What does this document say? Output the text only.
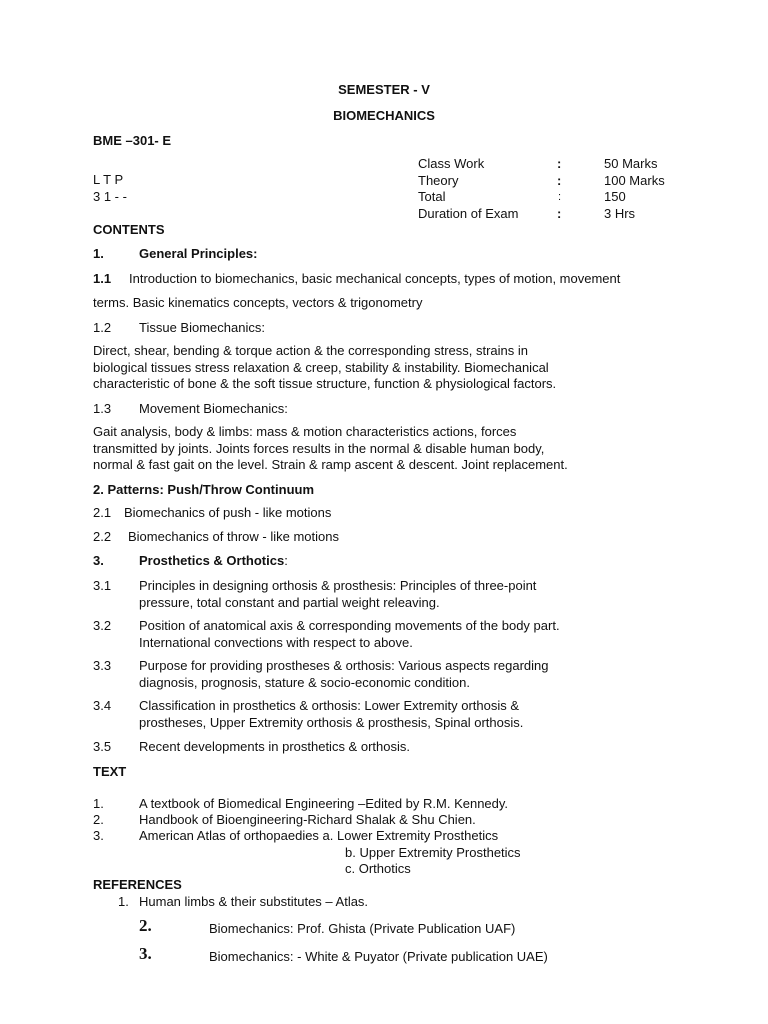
SEMESTER - V
BIOMECHANICS
BME –301- E
L T P
3 1 - -
Class Work	:	50 Marks
Theory	:	100 Marks
Total	:	150
Duration of Exam	:	3 Hrs
CONTENTS
1.	General Principles:
1.1 Introduction to biomechanics, basic mechanical concepts, types of motion, movement
terms. Basic kinematics concepts, vectors & trigonometry
1.2 Tissue Biomechanics:
Direct, shear, bending & torque action & the corresponding stress, strains in
biological tissues stress relaxation & creep, stability & instability. Biomechanical
characteristic of bone & the soft tissue structure, function & physiological factors.
1.3 Movement Biomechanics:
Gait analysis, body & limbs: mass & motion characteristics actions, forces
transmitted by joints. Joints forces results in the normal & disable human body,
normal & fast gait on the level. Strain & ramp ascent & descent. Joint replacement.
2. Patterns: Push/Throw Continuum
2.1 Biomechanics of push - like motions
2.2 Biomechanics of throw - like motions
3.	Prosthetics & Orthotics:
3.1 Principles in designing orthosis & prosthesis: Principles of three-point
pressure, total constant and partial weight releaving.
3.2 Position of anatomical axis & corresponding movements of the body part.
International convections with respect to above.
3.3 Purpose for providing prostheses & orthosis: Various aspects regarding
diagnosis, prognosis, stature & socio-economic condition.
3.4 Classification in prosthetics & orthosis: Lower Extremity orthosis &
prostheses, Upper Extremity orthosis & prosthesis, Spinal orthosis.
3.5 Recent developments in prosthetics & orthosis.
TEXT
1.	A textbook of Biomedical Engineering –Edited by R.M. Kennedy.
2.	Handbook of Bioengineering-Richard Shalak & Shu Chien.
3.	American Atlas of orthopaedies a. Lower Extremity Prosthetics
b. Upper Extremity Prosthetics
c. Orthotics
REFERENCES
1. Human limbs & their substitutes – Atlas.
2.	Biomechanics: Prof. Ghista (Private Publication UAF)
3.	Biomechanics: - White & Puyator (Private publication UAE)
